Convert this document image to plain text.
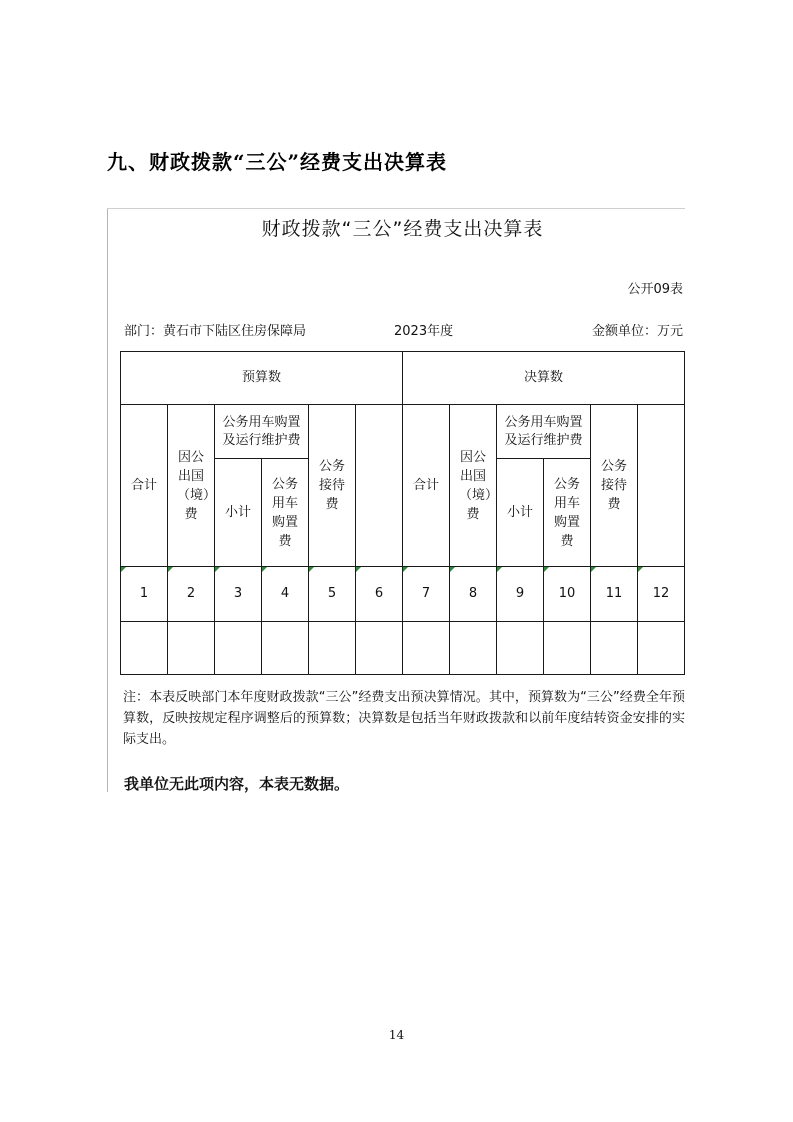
九、财政拨款“三公”经费支出决算表
财政拨款“三公”经费支出决算表
公开09表
部门：黄石市下陆区住房保障局	2023年度	金额单位：万元
预算数						决算数					
合计	因公出国（境）费	公务用车购置及运行维护费		公务接待费		合计	因公出国（境）费	公务用车购置及运行维护费		公务接待费	
		小计	公务用车购置费					小计	公务用车购置费		
1	2	3	4	5	6	7	8	9	10	11	12

注：本表反映部门本年度财政拨款“三公”经费支出预决算情况。其中，预算数为“三公”经费全年预算数，反映按规定程序调整后的预算数；决算数是包括当年财政拨款和以前年度结转资金安排的实际支出。
我单位无此项内容，本表无数据。
14
